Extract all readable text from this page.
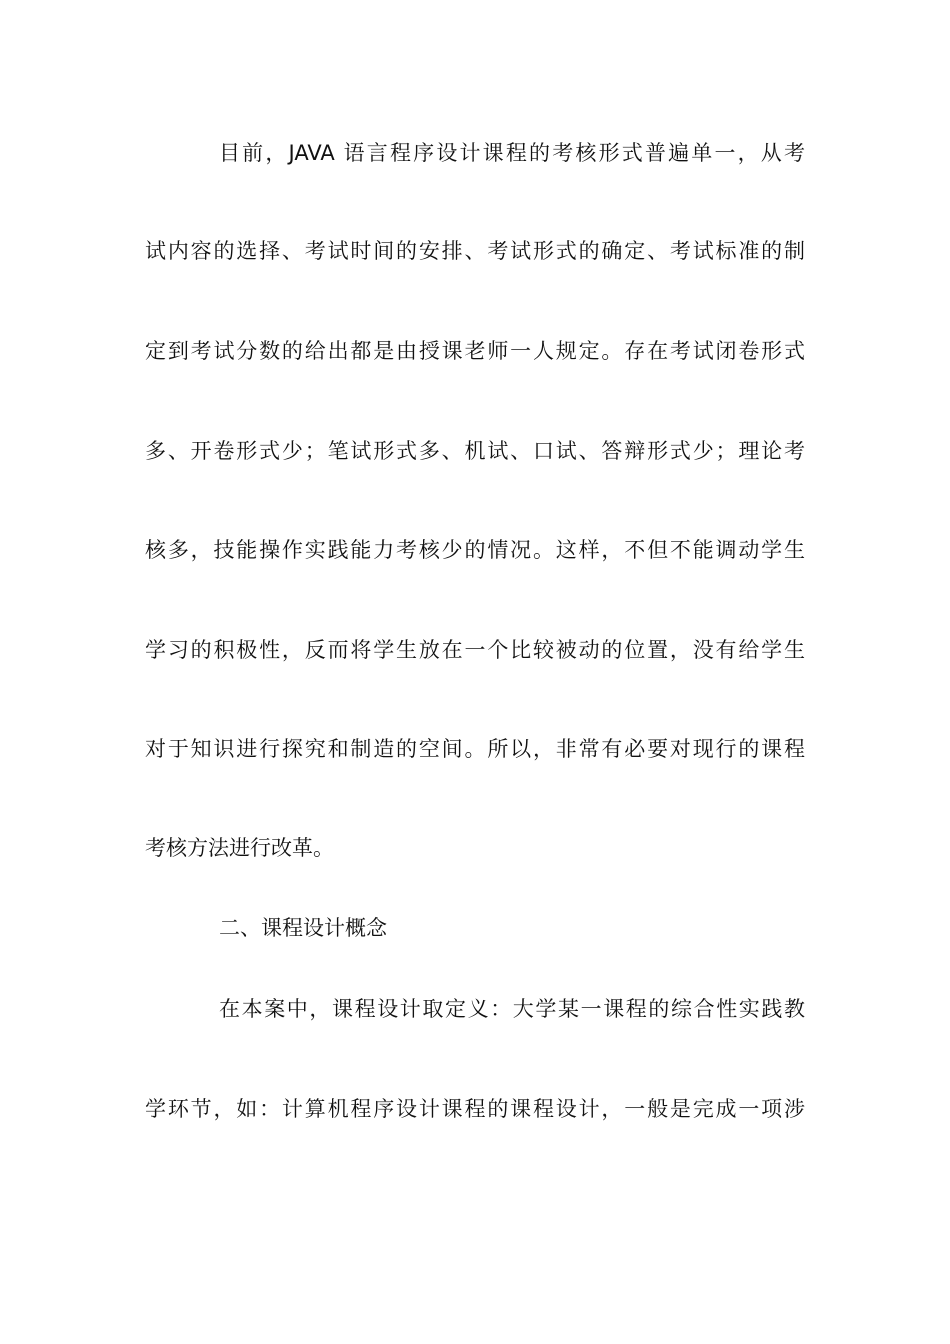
目前，JAVA 语言程序设计课程的考核形式普遍单一，从考
试内容的选择、考试时间的安排、考试形式的确定、考试标准的制
定到考试分数的给出都是由授课老师一人规定。存在考试闭卷形式
多、开卷形式少；笔试形式多、机试、口试、答辩形式少；理论考
核多，技能操作实践能力考核少的情况。这样，不但不能调动学生
学习的积极性，反而将学生放在一个比较被动的位置，没有给学生
对于知识进行探究和制造的空间。所以，非常有必要对现行的课程
考核方法进行改革。
二、课程设计概念
在本案中，课程设计取定义：大学某一课程的综合性实践教
学环节，如：计算机程序设计课程的课程设计，一般是完成一项涉
